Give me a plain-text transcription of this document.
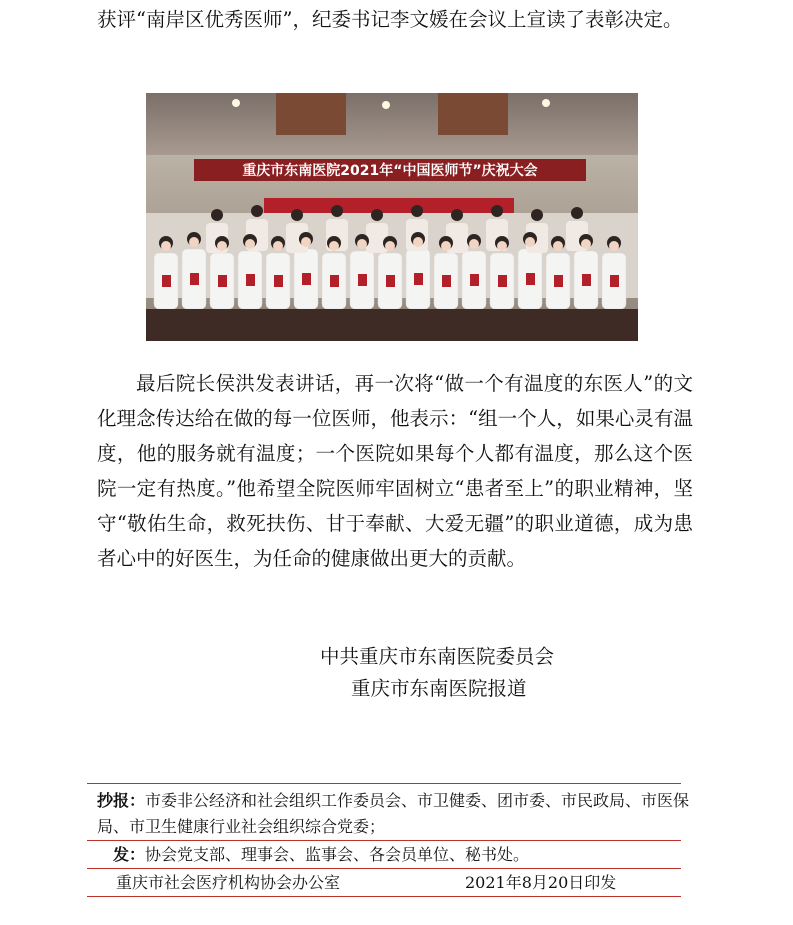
获评“南岸区优秀医师”，纪委书记李文媛在会议上宣读了表彰决定。

重庆市东南医院2021年“中国医师节”庆祝大会

最后院长侯洪发表讲话，再一次将“做一个有温度的东医人”的文化理念传达给在做的每一位医师，他表示：“组一个人，如果心灵有温度，他的服务就有温度；一个医院如果每个人都有温度，那么这个医院一定有热度。”他希望全院医师牢固树立“患者至上”的职业精神，坚守“敬佑生命，救死扶伤、甘于奉献、大爱无疆”的职业道德，成为患者心中的好医生，为任命的健康做出更大的贡献。

中共重庆市东南医院委员会
重庆市东南医院报道
抄报：市委非公经济和社会组织工作委员会、市卫健委、团市委、市民政局、市医保局、市卫生健康行业社会组织综合党委；
发：协会党支部、理事会、监事会、各会员单位、秘书处。
重庆市社会医疗机构协会办公室	2021年8月20日印发
